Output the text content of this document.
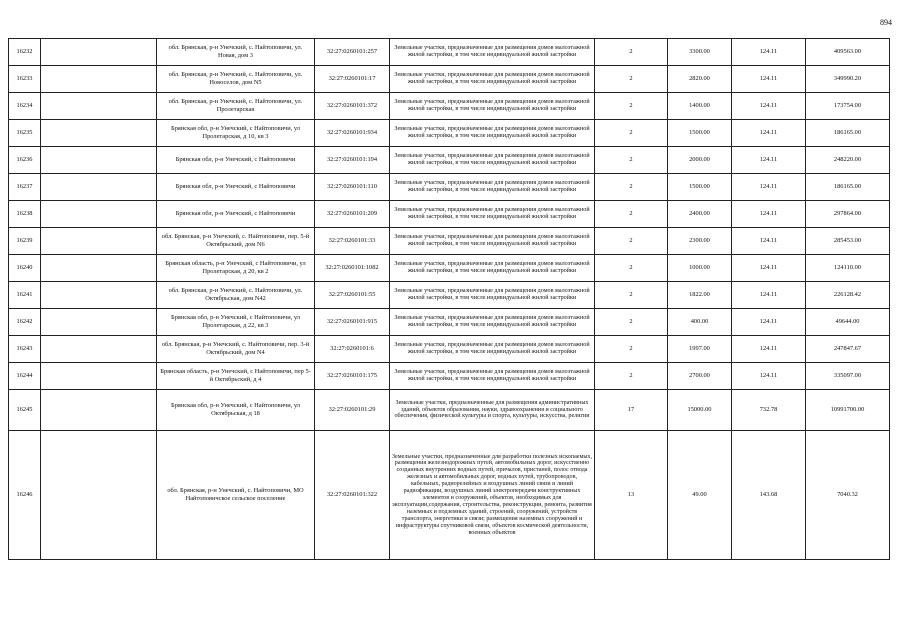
894
16232		обл. Брянская, р-н Унечский, с. Найтоповичи, ул. Новая, дом 3	32:27:0260101:257	Земельные участки, предназначенные для размещения домов малоэтажной жилой застройки, в том числе индивидуальной жилой застройки	2	3300.00	124.11	409563.00
16233		обл. Брянская, р-н Унечский, с. Найтоповичи, ул. Новоселов, дом N5	32:27:0260101:17	Земельные участки, предназначенные для размещения домов малоэтажной жилой застройки, в том числе индивидуальной жилой застройки	2	2820.00	124.11	349990.20
16234		обл. Брянская, р-н Унечский, с. Найтоповичи, ул. Пролетарская	32:27:0260101:372	Земельные участки, предназначенные для размещения домов малоэтажной жилой застройки, в том числе индивидуальной жилой застройки	2	1400.00	124.11	173754.00
16235		Брянская обл, р-н Унечский, с Найтоповичи, ул Пролетарская, д 10, кв 3	32:27:0260101:934	Земельные участки, предназначенные для размещения домов малоэтажной жилой застройки, в том числе индивидуальной жилой застройки	2	1500.00	124.11	186165.00
16236		Брянская обл, р-н Унечский, с Найтоповичи	32:27:0260101:194	Земельные участки, предназначенные для размещения домов малоэтажной жилой застройки, в том числе индивидуальной жилой застройки	2	2000.00	124.11	248220.00
16237		Брянская обл, р-н Унечский, с Найтоповичи	32:27:0260101:110	Земельные участки, предназначенные для размещения домов малоэтажной жилой застройки, в том числе индивидуальной жилой застройки	2	1500.00	124.11	186165.00
16238		Брянская обл, р-н Унечский, с Найтоповичи	32:27:0260101:209	Земельные участки, предназначенные для размещения домов малоэтажной жилой застройки, в том числе индивидуальной жилой застройки	2	2400.00	124.11	297864.00
16239		обл. Брянская, р-н Унечский, с. Найтоповичи, пер. 5-й Октябрьский, дом N6	32:27:0260101:33	Земельные участки, предназначенные для размещения домов малоэтажной жилой застройки, в том числе индивидуальной жилой застройки	2	2300.00	124.11	285453.00
16240		Брянская область, р-н Унечский, с Найтоповичи, ул Пролетарская, д 20, кв 2	32:27:0260101:1082	Земельные участки, предназначенные для размещения домов малоэтажной жилой застройки, в том числе индивидуальной жилой застройки	2	1000.00	124.11	124110.00
16241		обл. Брянская, р-н Унечский, с. Найтоповичи, ул. Октябрьская, дом N42	32:27:0260101:55	Земельные участки, предназначенные для размещения домов малоэтажной жилой застройки, в том числе индивидуальной жилой застройки	2	1822.00	124.11	226128.42
16242		Брянская обл, р-н Унечский, с Найтоповичи, ул Пролетарская, д 22, кв 3	32:27:0260101:915	Земельные участки, предназначенные для размещения домов малоэтажной жилой застройки, в том числе индивидуальной жилой застройки	2	400.00	124.11	49644.00
16243		обл. Брянская, р-н Унечский, с. Найтоповичи, пер. 3-й Октябрьский, дом N4	32:27:0260101:6	Земельные участки, предназначенные для размещения домов малоэтажной жилой застройки, в том числе индивидуальной жилой застройки	2	1997.00	124.11	247847.67
16244		Брянская область, р-н Унечский, с Найтоповичи, пер 5-й Октябрьский, д 4	32:27:0260101:175	Земельные участки, предназначенные для размещения домов малоэтажной жилой застройки, в том числе индивидуальной жилой застройки	2	2700.00	124.11	335097.00
16245		Брянская обл, р-н Унечский, с Найтоповичи, ул Октябрьская, д 18	32:27:0260101:29	Земельные участки, предназначенные для размещения административных зданий, объектов образования, науки, здравоохранения и социального обеспечения, физической культуры и спорта, культуры, искусства, религии	17	15000.00	732.78	10991700.00
16246		обл. Брянская, р-н Унечский, с. Найтоповичи, МО Найтоповичское сельское поселение	32:27:0260101:322	Земельные участки, предназначенные для разработки полезных ископаемых, размещения железнодорожных путей, автомобильных дорог, искусственно созданных внутренних водных путей, причалов, пристаней, полос отвода железных и автомобильных дорог, водных путей, трубопроводов, кабельных, радиорелейных и воздушных линий связи и линий радиофикации, воздушных линий электропередачи конструктивных элементов и сооружений, объектов, необходимых для эксплуатации,содержания, строительства, реконструкции, ремонта, развития наземных и подземных зданий, строений, сооружений, устройств транспорта, энергетики и связи; размещения наземных сооружений и инфраструктуры спутниковой связи, объектов космической деятельности, военных объектов	13	49.00	143.68	7040.32
